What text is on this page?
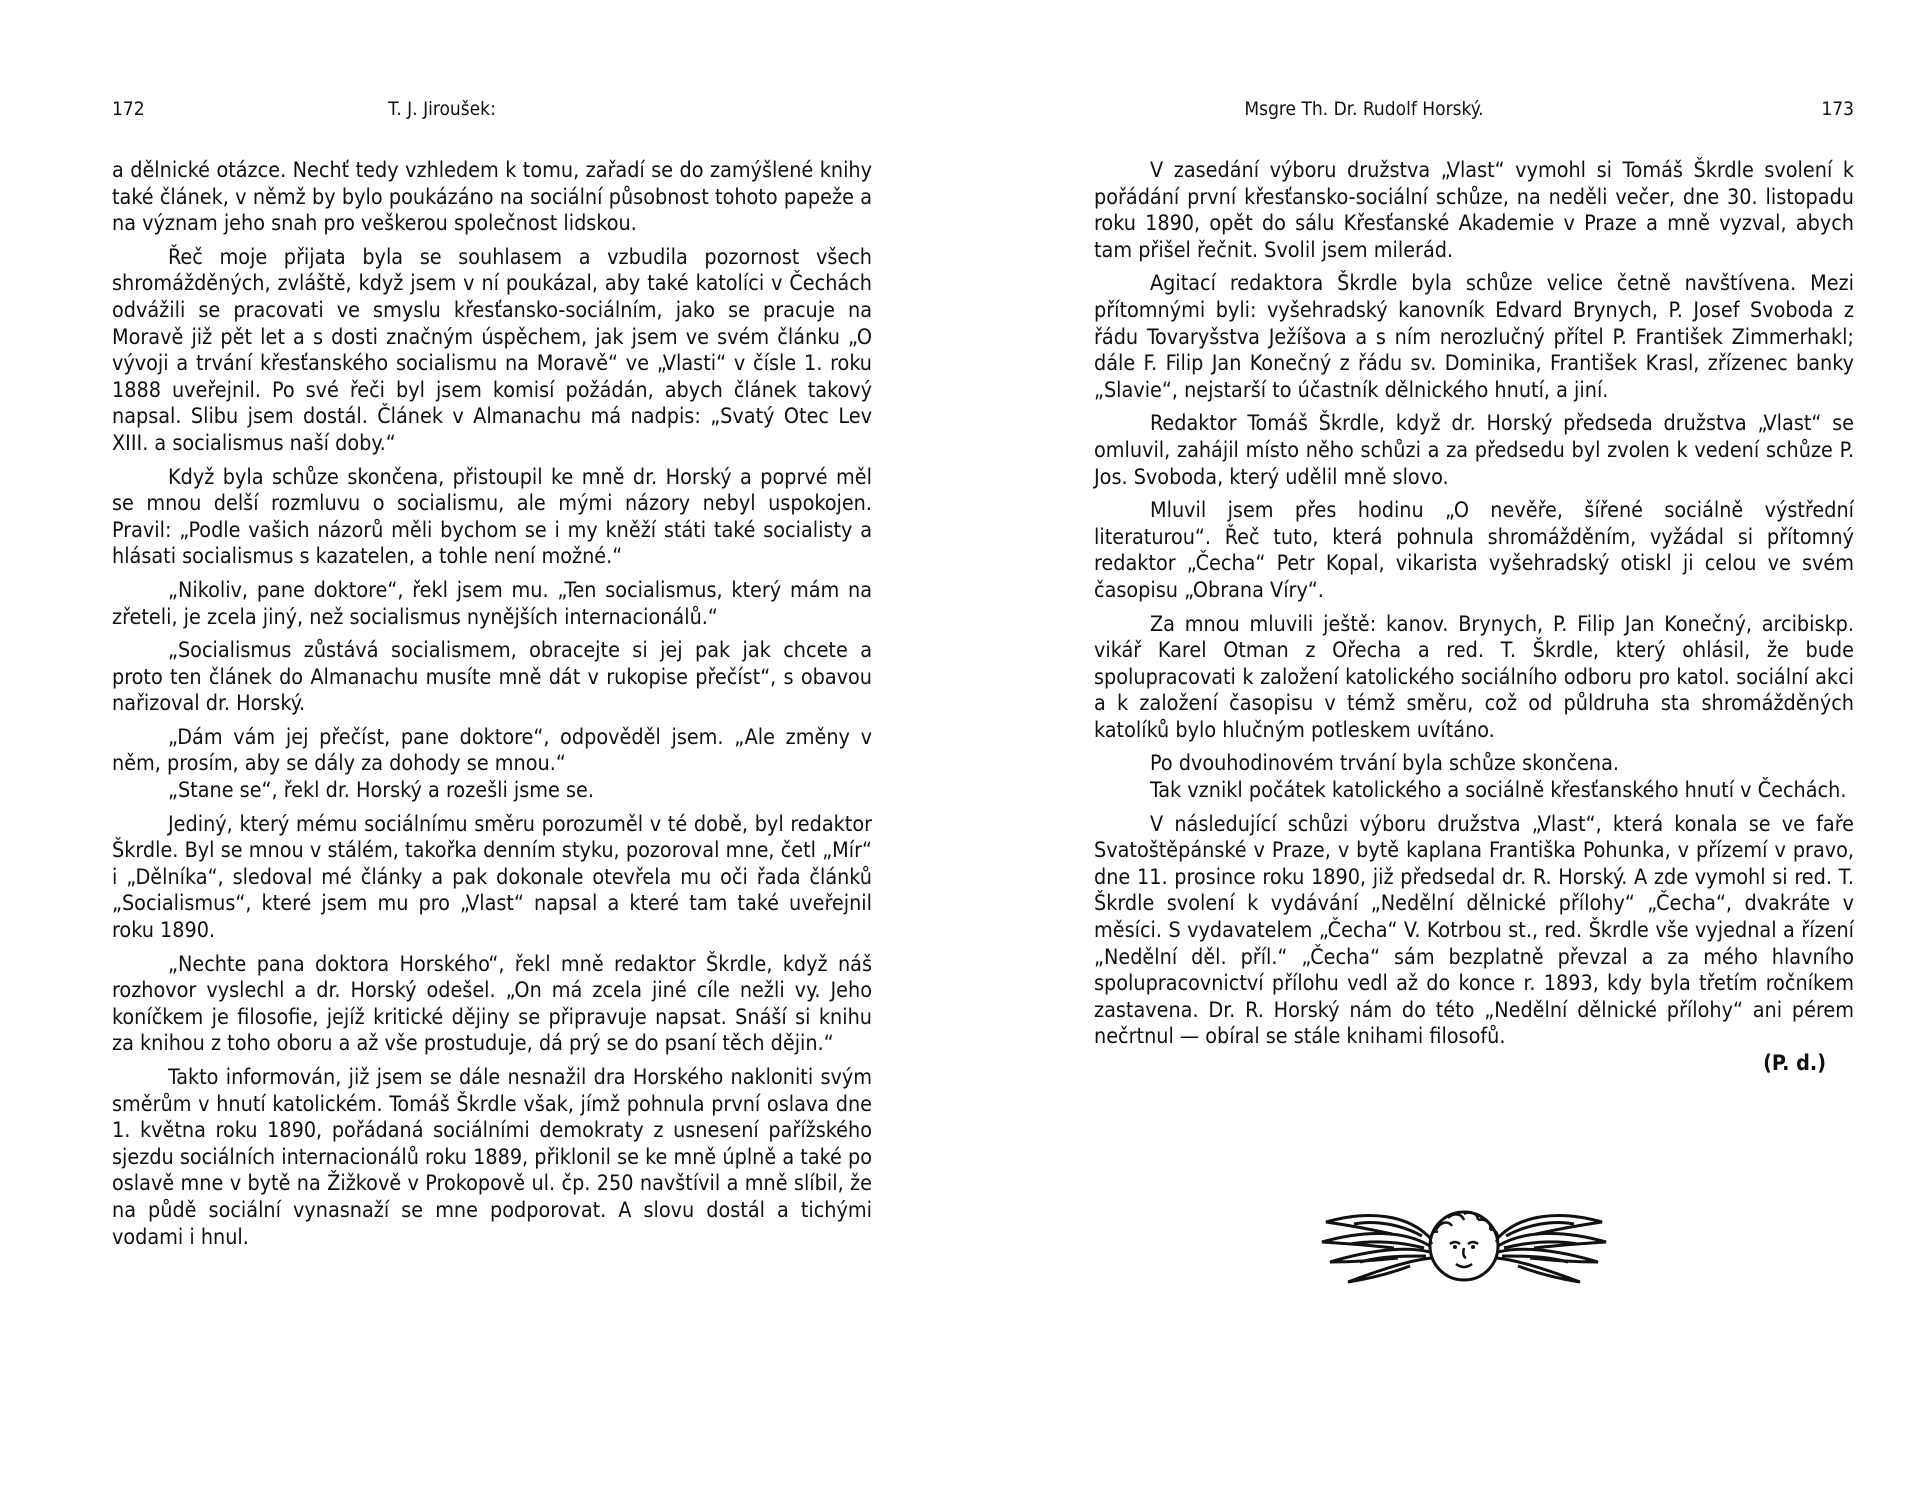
172	T. J. Jiroušek:

a dělnické otázce. Nechť tedy vzhledem k tomu, zařadí se do zamýšlené knihy také článek, v němž by bylo poukázáno na sociální působnost tohoto papeže a na význam jeho snah pro veškerou společnost lidskou.

Řeč moje přijata byla se souhlasem a vzbudila pozornost všech shromážděných, zvláště, když jsem v ní poukázal, aby také katolíci v Čechách odvážili se pracovati ve smyslu křesťansko-sociálním, jako se pracuje na Moravě již pět let a s dosti značným úspěchem, jak jsem ve svém článku „O vývoji a trvání křesťanského socialismu na Moravě“ ve „Vlasti“ v čísle 1. roku 1888 uveřejnil. Po své řeči byl jsem komisí požádán, abych článek takový napsal. Slibu jsem dostál. Článek v Almanachu má nadpis: „Svatý Otec Lev XIII. a socialismus naší doby.“

Když byla schůze skončena, přistoupil ke mně dr. Horský a poprvé měl se mnou delší rozmluvu o socialismu, ale mými názory nebyl uspokojen. Pravil: „Podle vašich názorů měli bychom se i my kněží státi také socialisty a hlásati socialismus s kazatelen, a tohle není možné.“

„Nikoliv, pane doktore“, řekl jsem mu. „Ten socialismus, který mám na zřeteli, je zcela jiný, než socialismus nynějších internacionálů.“

„Socialismus zůstává socialismem, obracejte si jej pak jak chcete a proto ten článek do Almanachu musíte mně dát v rukopise přečíst“, s obavou nařizoval dr. Horský.

„Dám vám jej přečíst, pane doktore“, odpověděl jsem. „Ale změny v něm, prosím, aby se dály za dohody se mnou.“

„Stane se“, řekl dr. Horský a rozešli jsme se.

Jediný, který mému sociálnímu směru porozuměl v té době, byl redaktor Škrdle. Byl se mnou v stálém, takořka denním styku, pozoroval mne, četl „Mír“ i „Dělníka“, sledoval mé články a pak dokonale otevřela mu oči řada článků „Socialismus“, které jsem mu pro „Vlast“ napsal a které tam také uveřejnil roku 1890.

„Nechte pana doktora Horského“, řekl mně redaktor Škrdle, když náš rozhovor vyslechl a dr. Horský odešel. „On má zcela jiné cíle nežli vy. Jeho koníčkem je filosofie, jejíž kritické dějiny se připravuje napsat. Snáší si knihu za knihou z toho oboru a až vše prostuduje, dá prý se do psaní těch dějin.“

Takto informován, již jsem se dále nesnažil dra Horského nakloniti svým směrům v hnutí katolickém. Tomáš Škrdle však, jímž pohnula první oslava dne 1. května roku 1890, pořádaná sociálními demokraty z usnesení pařížského sjezdu sociálních internacionálů roku 1889, přiklonil se ke mně úplně a také po oslavě mne v bytě na Žižkově v Prokopově ul. čp. 250 navštívil a mně slíbil, že na půdě sociální vynasnaží se mne podporovat. A slovu dostál a tichými vodami i hnul.

Msgre Th. Dr. Rudolf Horský.	173

V zasedání výboru družstva „Vlast“ vymohl si Tomáš Škrdle svolení k pořádání první křesťansko-sociální schůze, na neděli večer, dne 30. listopadu roku 1890, opět do sálu Křesťanské Akademie v Praze a mně vyzval, abych tam přišel řečnit. Svolil jsem milerád.

Agitací redaktora Škrdle byla schůze velice četně navštívena. Mezi přítomnými byli: vyšehradský kanovník Edvard Brynych, P. Josef Svoboda z řádu Tovaryšstva Ježíšova a s ním nerozlučný přítel P. František Zimmerhakl; dále F. Filip Jan Konečný z řádu sv. Dominika, František Krasl, zřízenec banky „Slavie“, nejstarší to účastník dělnického hnutí, a jiní.

Redaktor Tomáš Škrdle, když dr. Horský předseda družstva „Vlast“ se omluvil, zahájil místo něho schůzi a za předsedu byl zvolen k vedení schůze P. Jos. Svoboda, který udělil mně slovo.

Mluvil jsem přes hodinu „O nevěře, šířené sociálně výstřední literaturou“. Řeč tuto, která pohnula shromážděním, vyžádal si přítomný redaktor „Čecha“ Petr Kopal, vikarista vyšehradský otiskl ji celou ve svém časopisu „Obrana Víry“.

Za mnou mluvili ještě: kanov. Brynych, P. Filip Jan Konečný, arcibiskp. vikář Karel Otman z Ořecha a red. T. Škrdle, který ohlásil, že bude spolupracovati k založení katolického sociálního odboru pro katol. sociální akci a k založení časopisu v témž směru, což od půldruha sta shromážděných katolíků bylo hlučným potleskem uvítáno.

Po dvouhodinovém trvání byla schůze skončena.

Tak vznikl počátek katolického a sociálně křesťanského hnutí v Čechách.

V následující schůzi výboru družstva „Vlast“, která konala se ve faře Svatoštěpánské v Praze, v bytě kaplana Františka Pohunka, v přízemí v pravo, dne 11. prosince roku 1890, již předsedal dr. R. Horský. A zde vymohl si red. T. Škrdle svolení k vydávání „Nedělní dělnické přílohy“ „Čecha“, dvakráte v měsíci. S vydavatelem „Čecha“ V. Kotrbou st., red. Škrdle vše vyjednal a řízení „Nedělní děl. příl.“ „Čecha“ sám bezplatně převzal a za mého hlavního spolupracovnictví přílohu vedl až do konce r. 1893, kdy byla třetím ročníkem zastavena. Dr. R. Horský nám do této „Nedělní dělnické přílohy“ ani pérem nečrtnul — obíral se stále knihami filosofů.

(P. d.)
